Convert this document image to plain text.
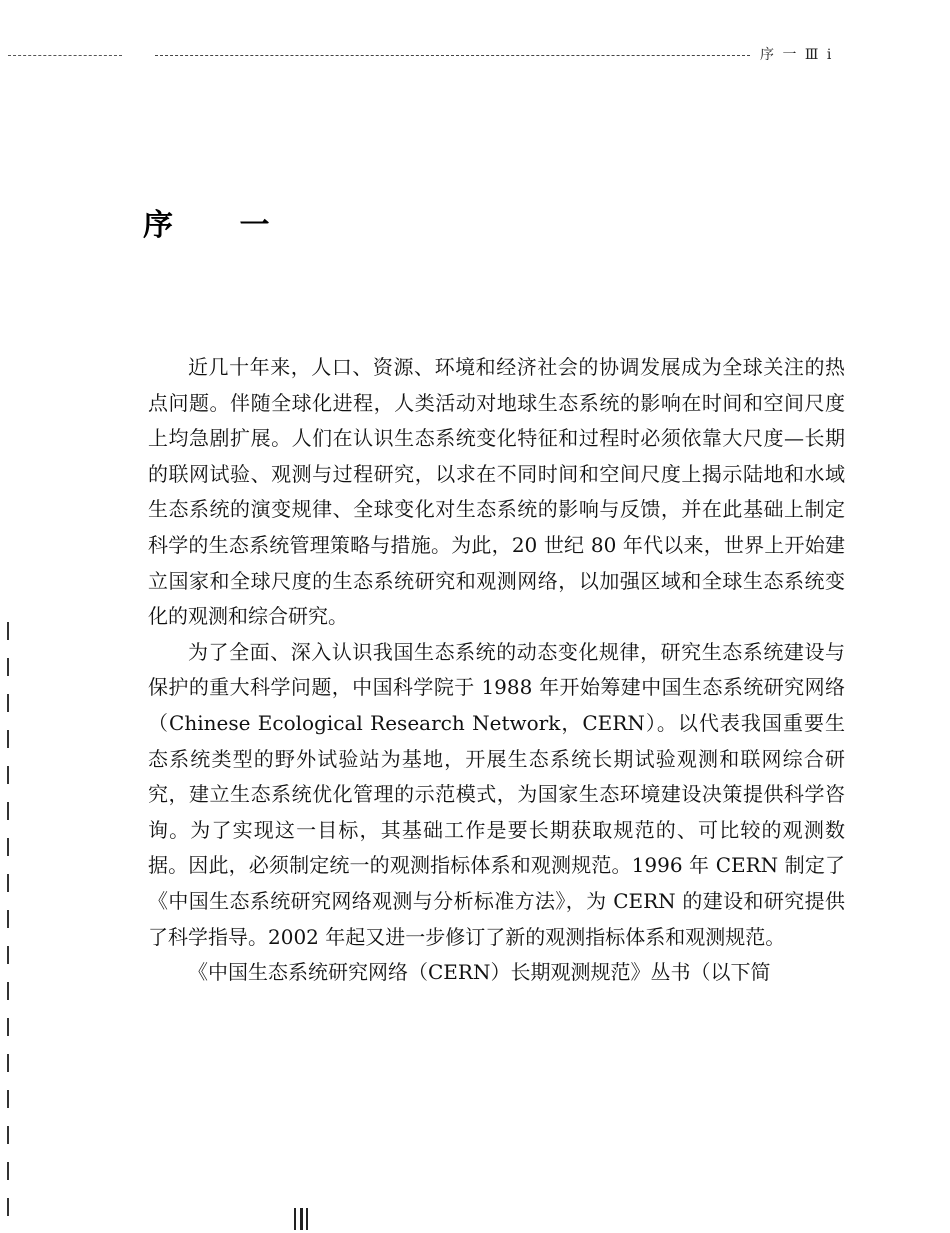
序 一 Ⅲ i
序 一

近几十年来，人口、资源、环境和经济社会的协调发展成为全球关注的热点问题。伴随全球化进程，人类活动对地球生态系统的影响在时间和空间尺度上均急剧扩展。人们在认识生态系统变化特征和过程时必须依靠大尺度—长期的联网试验、观测与过程研究，以求在不同时间和空间尺度上揭示陆地和水域生态系统的演变规律、全球变化对生态系统的影响与反馈，并在此基础上制定科学的生态系统管理策略与措施。为此，20 世纪 80 年代以来，世界上开始建立国家和全球尺度的生态系统研究和观测网络，以加强区域和全球生态系统变化的观测和综合研究。

为了全面、深入认识我国生态系统的动态变化规律，研究生态系统建设与保护的重大科学问题，中国科学院于 1988 年开始筹建中国生态系统研究网络（Chinese Ecological Research Network，CERN）。以代表我国重要生态系统类型的野外试验站为基地，开展生态系统长期试验观测和联网综合研究，建立生态系统优化管理的示范模式，为国家生态环境建设决策提供科学咨询。为了实现这一目标，其基础工作是要长期获取规范的、可比较的观测数据。因此，必须制定统一的观测指标体系和观测规范。1996 年 CERN 制定了《中国生态系统研究网络观测与分析标准方法》，为 CERN 的建设和研究提供了科学指导。2002 年起又进一步修订了新的观测指标体系和观测规范。

《中国生态系统研究网络（CERN）长期观测规范》丛书（以下简
